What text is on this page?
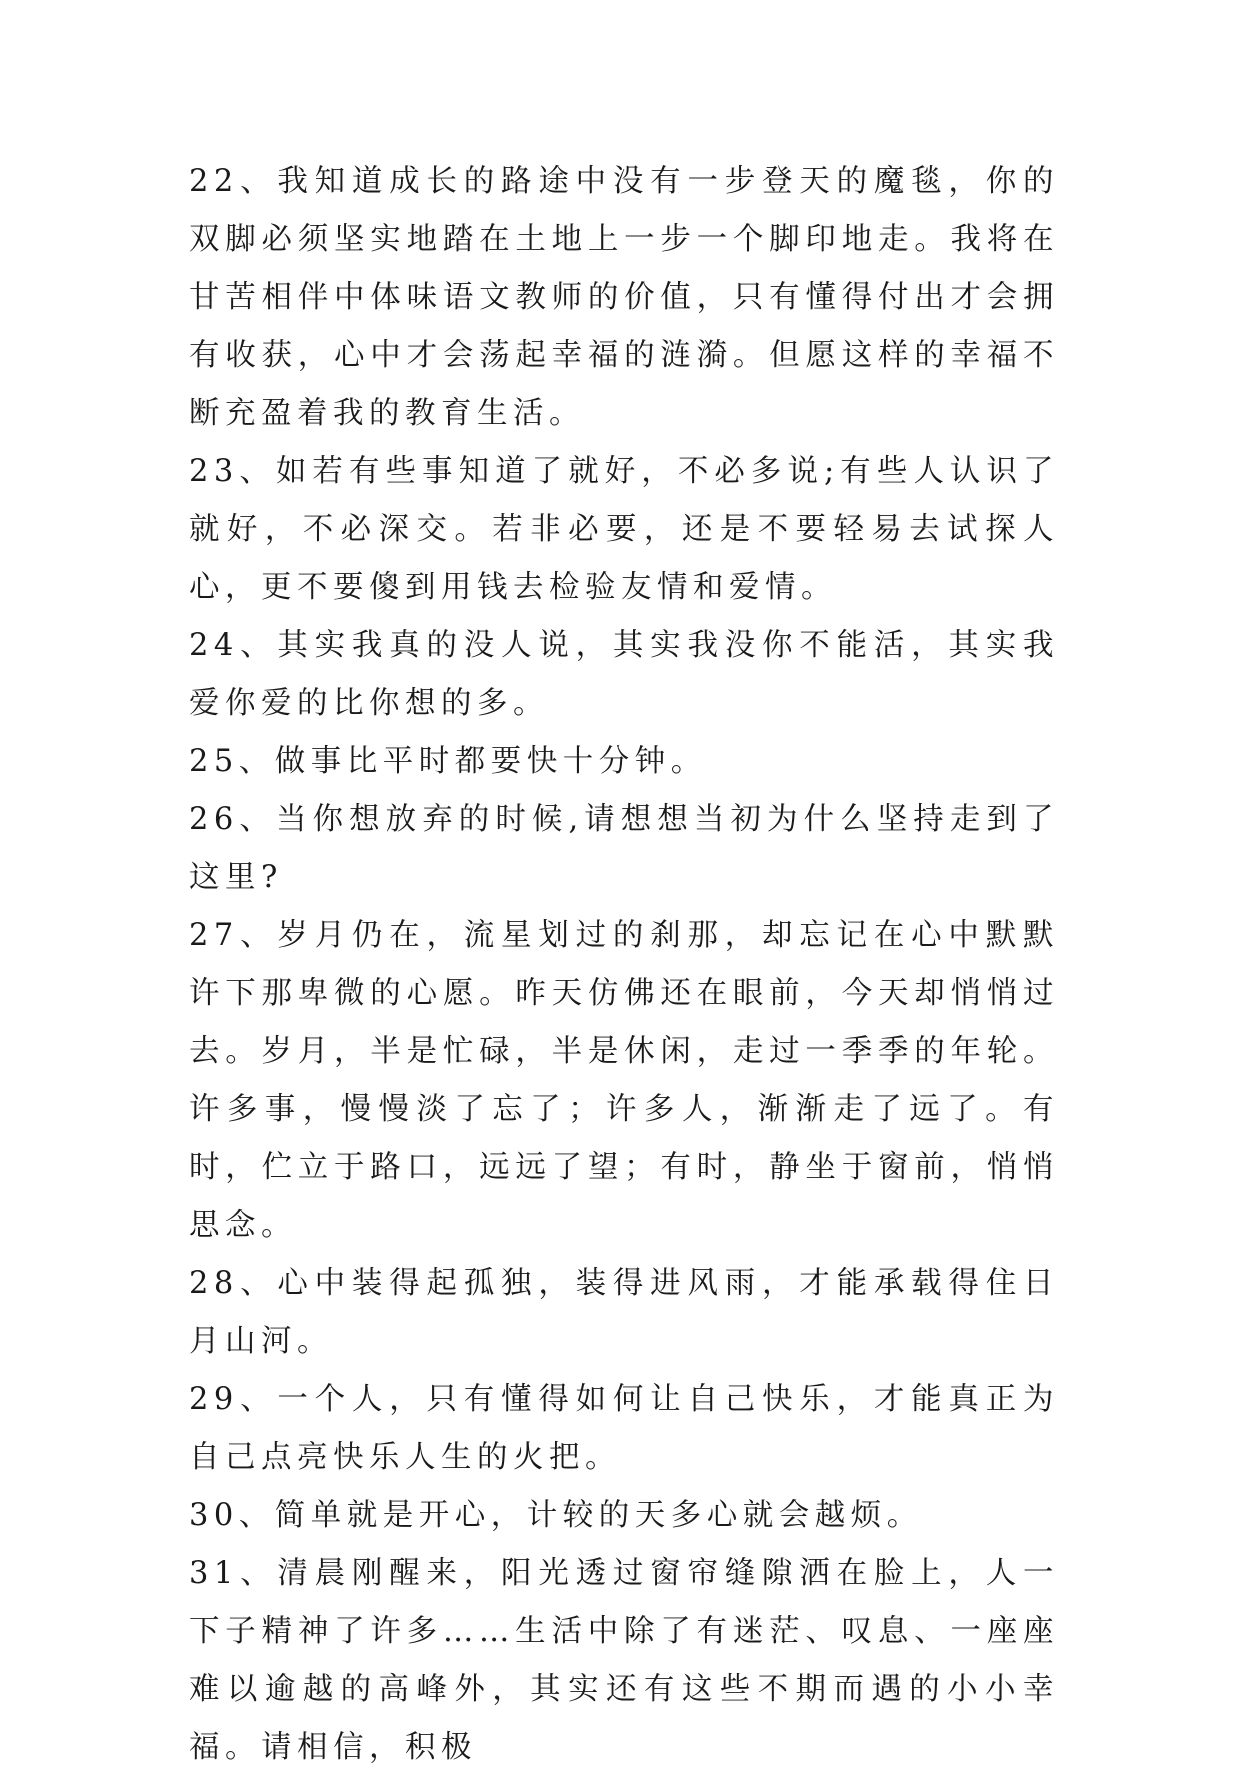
22、我知道成长的路途中没有一步登天的魔毯，你的双脚必须坚实地踏在土地上一步一个脚印地走。我将在甘苦相伴中体味语文教师的价值，只有懂得付出才会拥有收获，心中才会荡起幸福的涟漪。但愿这样的幸福不断充盈着我的教育生活。

23、如若有些事知道了就好，不必多说;有些人认识了就好，不必深交。若非必要，还是不要轻易去试探人心，更不要傻到用钱去检验友情和爱情。

24、其实我真的没人说，其实我没你不能活，其实我爱你爱的比你想的多。

25、做事比平时都要快十分钟。

26、当你想放弃的时候,请想想当初为什么坚持走到了这里?

27、岁月仍在，流星划过的刹那，却忘记在心中默默许下那卑微的心愿。昨天仿佛还在眼前，今天却悄悄过去。岁月，半是忙碌，半是休闲，走过一季季的年轮。许多事，慢慢淡了忘了；许多人，渐渐走了远了。有时，伫立于路口，远远了望；有时，静坐于窗前，悄悄思念。

28、心中装得起孤独，装得进风雨，才能承载得住日月山河。

29、一个人，只有懂得如何让自己快乐，才能真正为自己点亮快乐人生的火把。

30、简单就是开心，计较的天多心就会越烦。

31、清晨刚醒来，阳光透过窗帘缝隙洒在脸上，人一下子精神了许多……生活中除了有迷茫、叹息、一座座难以逾越的高峰外，其实还有这些不期而遇的小小幸福。请相信，积极
